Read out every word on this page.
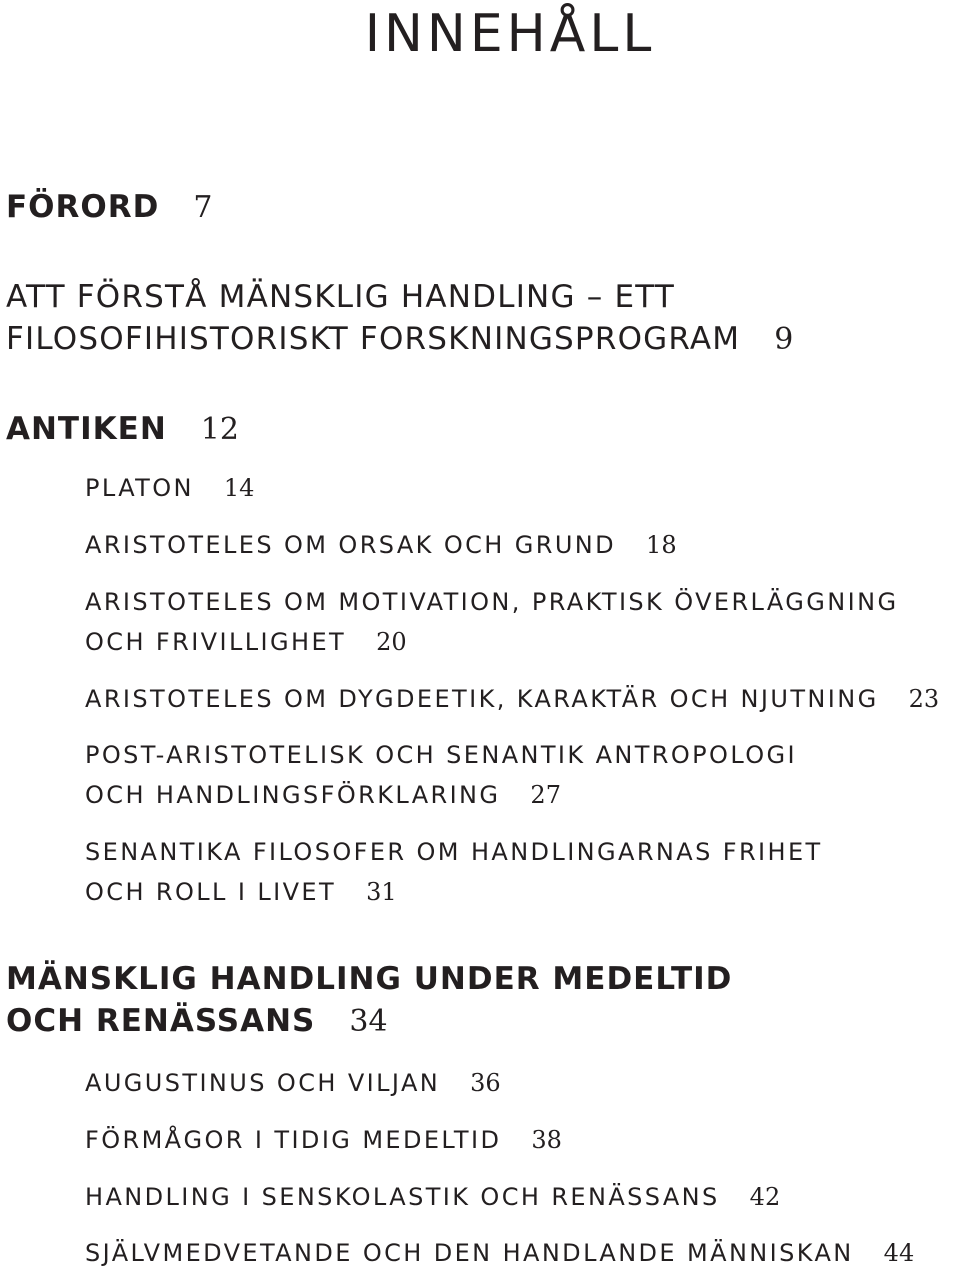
INNEHÅLL
FÖRORD 7
ATT FÖRSTÅ MÄNSKLIG HANDLING – ETT
FILOSOFIHISTORISKT FORSKNINGSPROGRAM 9
ANTIKEN 12
PLATON 14
ARISTOTELES OM ORSAK OCH GRUND 18
ARISTOTELES OM MOTIVATION, PRAKTISK ÖVERLÄGGNING
OCH FRIVILLIGHET 20
ARISTOTELES OM DYGDEETIK, KARAKTÄR OCH NJUTNING 23
POST-ARISTOTELISK OCH SENANTIK ANTROPOLOGI
OCH HANDLINGSFÖRKLARING 27
SENANTIKA FILOSOFER OM HANDLINGARNAS FRIHET
OCH ROLL I LIVET 31
MÄNSKLIG HANDLING UNDER MEDELTID
OCH RENÄSSANS 34
AUGUSTINUS OCH VILJAN 36
FÖRMÅGOR I TIDIG MEDELTID 38
HANDLING I SENSKOLASTIK OCH RENÄSSANS 42
SJÄLVMEDVETANDE OCH DEN HANDLANDE MÄNNISKAN 44
